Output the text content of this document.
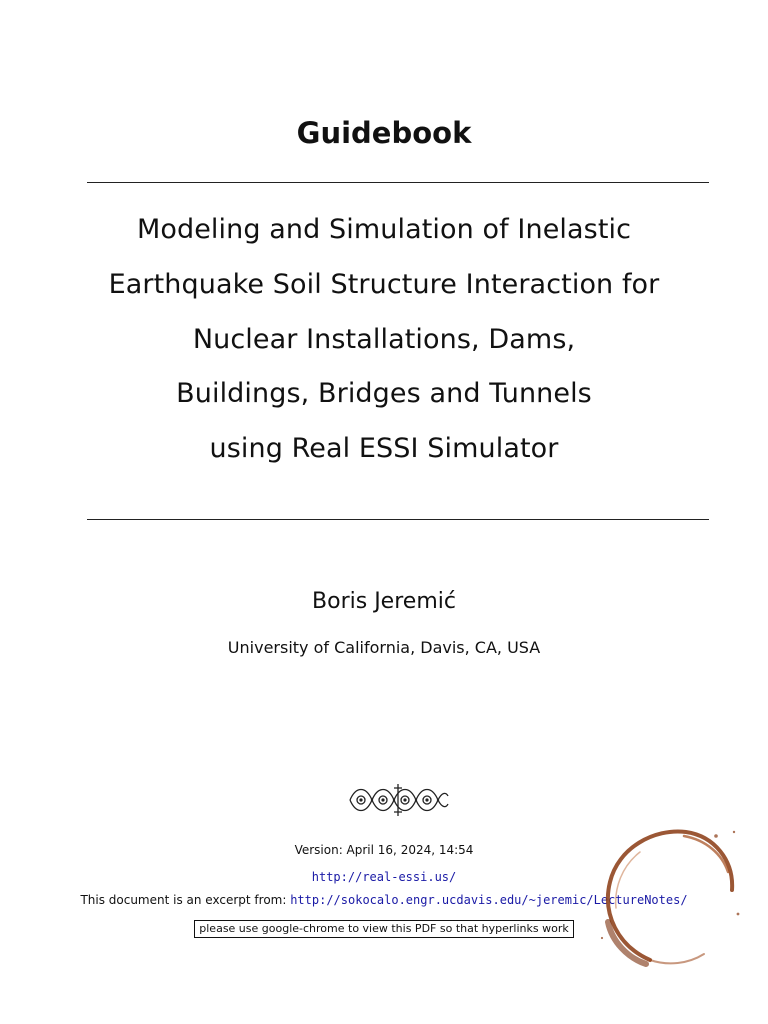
Guidebook
Modeling and Simulation of Inelastic
Earthquake Soil Structure Interaction for
Nuclear Installations, Dams,
Buildings, Bridges and Tunnels
using Real ESSI Simulator
Boris Jeremić
University of California, Davis, CA, USA
Version: April 16, 2024, 14:54
http://real-essi.us/
This document is an excerpt from: http://sokocalo.engr.ucdavis.edu/~jeremic/LectureNotes/
please use google-chrome to view this PDF so that hyperlinks work
